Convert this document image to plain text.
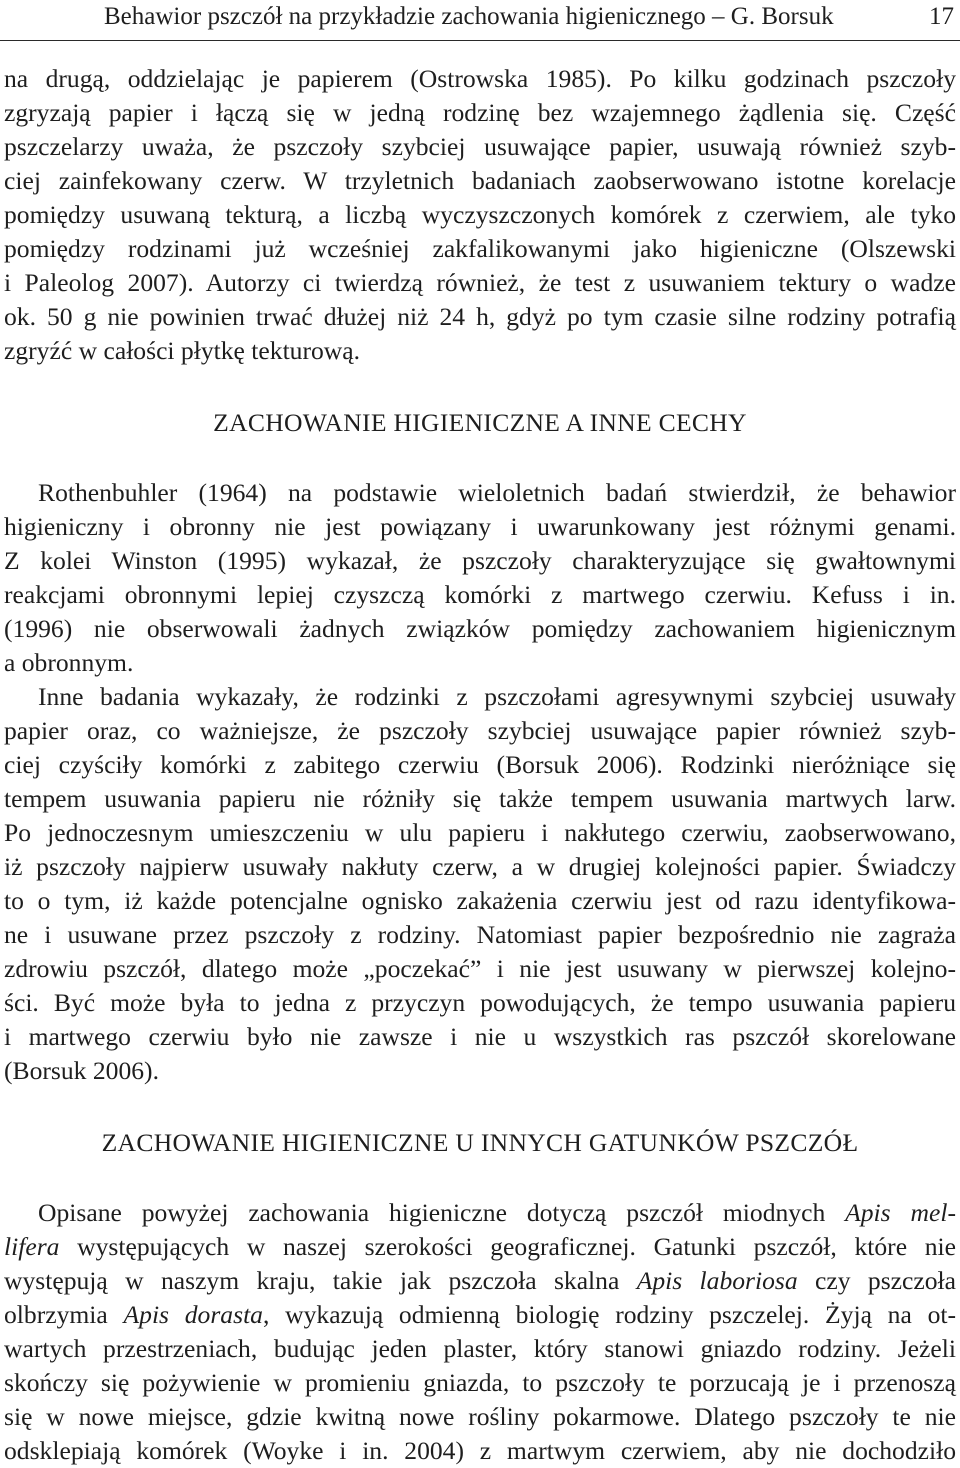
Behawior pszczół na przykładzie zachowania higienicznego – G. Borsuk	17
na drugą, oddzielając je papierem (Ostrowska 1985). Po kilku godzinach pszczoły
zgryzają papier i łączą się w jedną rodzinę bez wzajemnego żądlenia się. Część
pszczelarzy uważa, że pszczoły szybciej usuwające papier, usuwają również szyb-
ciej zainfekowany czerw. W trzyletnich badaniach zaobserwowano istotne korelacje
pomiędzy usuwaną tekturą, a liczbą wyczyszczonych komórek z czerwiem, ale tyko
pomiędzy rodzinami już wcześniej zakfalikowanymi jako higieniczne (Olszewski
i Paleolog 2007). Autorzy ci twierdzą również, że test z usuwaniem tektury o wadze
ok. 50 g nie powinien trwać dłużej niż 24 h, gdyż po tym czasie silne rodziny potrafią
zgryźć w całości płytkę tekturową.
ZACHOWANIE HIGIENICZNE A INNE CECHY
Rothenbuhler (1964) na podstawie wieloletnich badań stwierdził, że behawior
higieniczny i obronny nie jest powiązany i uwarunkowany jest różnymi genami.
Z kolei Winston (1995) wykazał, że pszczoły charakteryzujące się gwałtownymi
reakcjami obronnymi lepiej czyszczą komórki z martwego czerwiu. Kefuss i in.
(1996) nie obserwowali żadnych związków pomiędzy zachowaniem higienicznym
a obronnym.
Inne badania wykazały, że rodzinki z pszczołami agresywnymi szybciej usuwały
papier oraz, co ważniejsze, że pszczoły szybciej usuwające papier również szyb-
ciej czyściły komórki z zabitego czerwiu (Borsuk 2006). Rodzinki nieróżniące się
tempem usuwania papieru nie różniły się także tempem usuwania martwych larw.
Po jednoczesnym umieszczeniu w ulu papieru i nakłutego czerwiu, zaobserwowano,
iż pszczoły najpierw usuwały nakłuty czerw, a w drugiej kolejności papier. Świadczy
to o tym, iż każde potencjalne ognisko zakażenia czerwiu jest od razu identyfikowa-
ne i usuwane przez pszczoły z rodziny. Natomiast papier bezpośrednio nie zagraża
zdrowiu pszczół, dlatego może „poczekać” i nie jest usuwany w pierwszej kolejno-
ści. Być może była to jedna z przyczyn powodujących, że tempo usuwania papieru
i martwego czerwiu było nie zawsze i nie u wszystkich ras pszczół skorelowane
(Borsuk 2006).
ZACHOWANIE HIGIENICZNE U INNYCH GATUNKÓW PSZCZÓŁ
Opisane powyżej zachowania higieniczne dotyczą pszczół miodnych Apis mel-
lifera występujących w naszej szerokości geograficznej. Gatunki pszczół, które nie
występują w naszym kraju, takie jak pszczoła skalna Apis laboriosa czy pszczoła
olbrzymia Apis dorasta, wykazują odmienną biologię rodziny pszczelej. Żyją na ot-
wartych przestrzeniach, budując jeden plaster, który stanowi gniazdo rodziny. Jeżeli
skończy się pożywienie w promieniu gniazda, to pszczoły te porzucają je i przenoszą
się w nowe miejsce, gdzie kwitną nowe rośliny pokarmowe. Dlatego pszczoły te nie
odsklepiają komórek (Woyke i in. 2004) z martwym czerwiem, aby nie dochodziło
